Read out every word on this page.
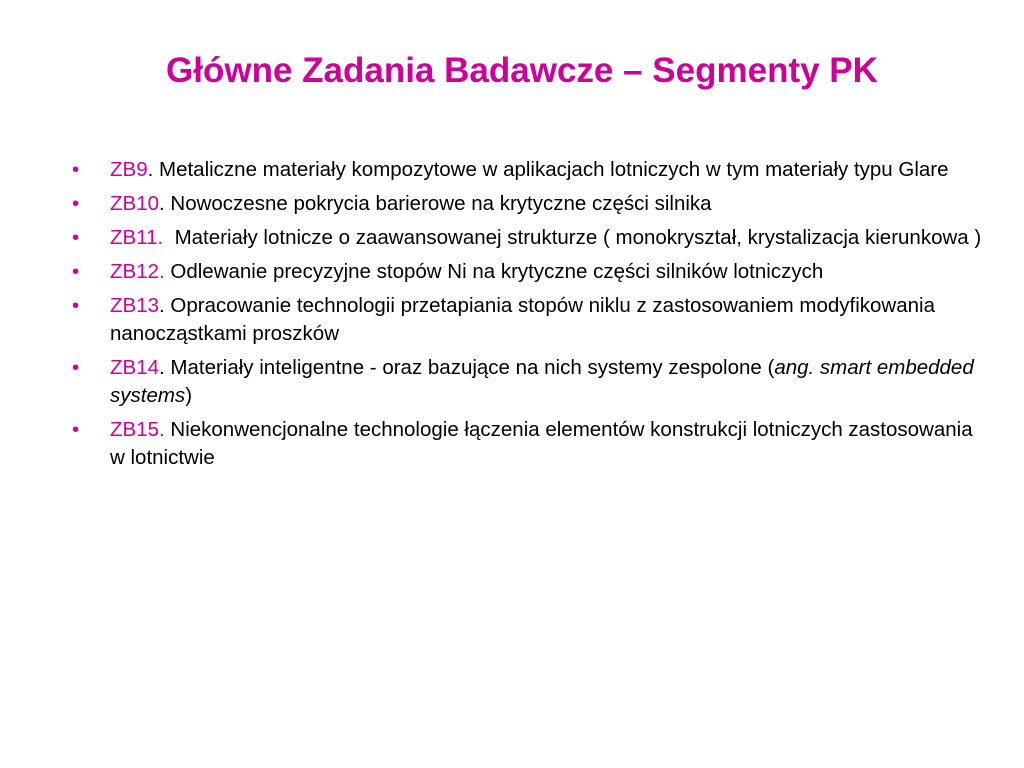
Główne Zadania Badawcze – Segmenty PK
• ZB9. Metaliczne materiały kompozytowe w aplikacjach lotniczych w tym materiały typu Glare
• ZB10. Nowoczesne pokrycia barierowe na krytyczne części silnika
• ZB11.  Materiały lotnicze o zaawansowanej strukturze ( monokryształ, krystalizacja kierunkowa )
• ZB12. Odlewanie precyzyjne stopów Ni na krytyczne części silników lotniczych
• ZB13. Opracowanie technologii przetapiania stopów niklu z zastosowaniem modyfikowania nanocząstkami proszków
• ZB14. Materiały inteligentne - oraz bazujące na nich systemy zespolone (ang. smart embedded systems)
• ZB15. Niekonwencjonalne technologie łączenia elementów konstrukcji lotniczych zastosowania w lotnictwie
